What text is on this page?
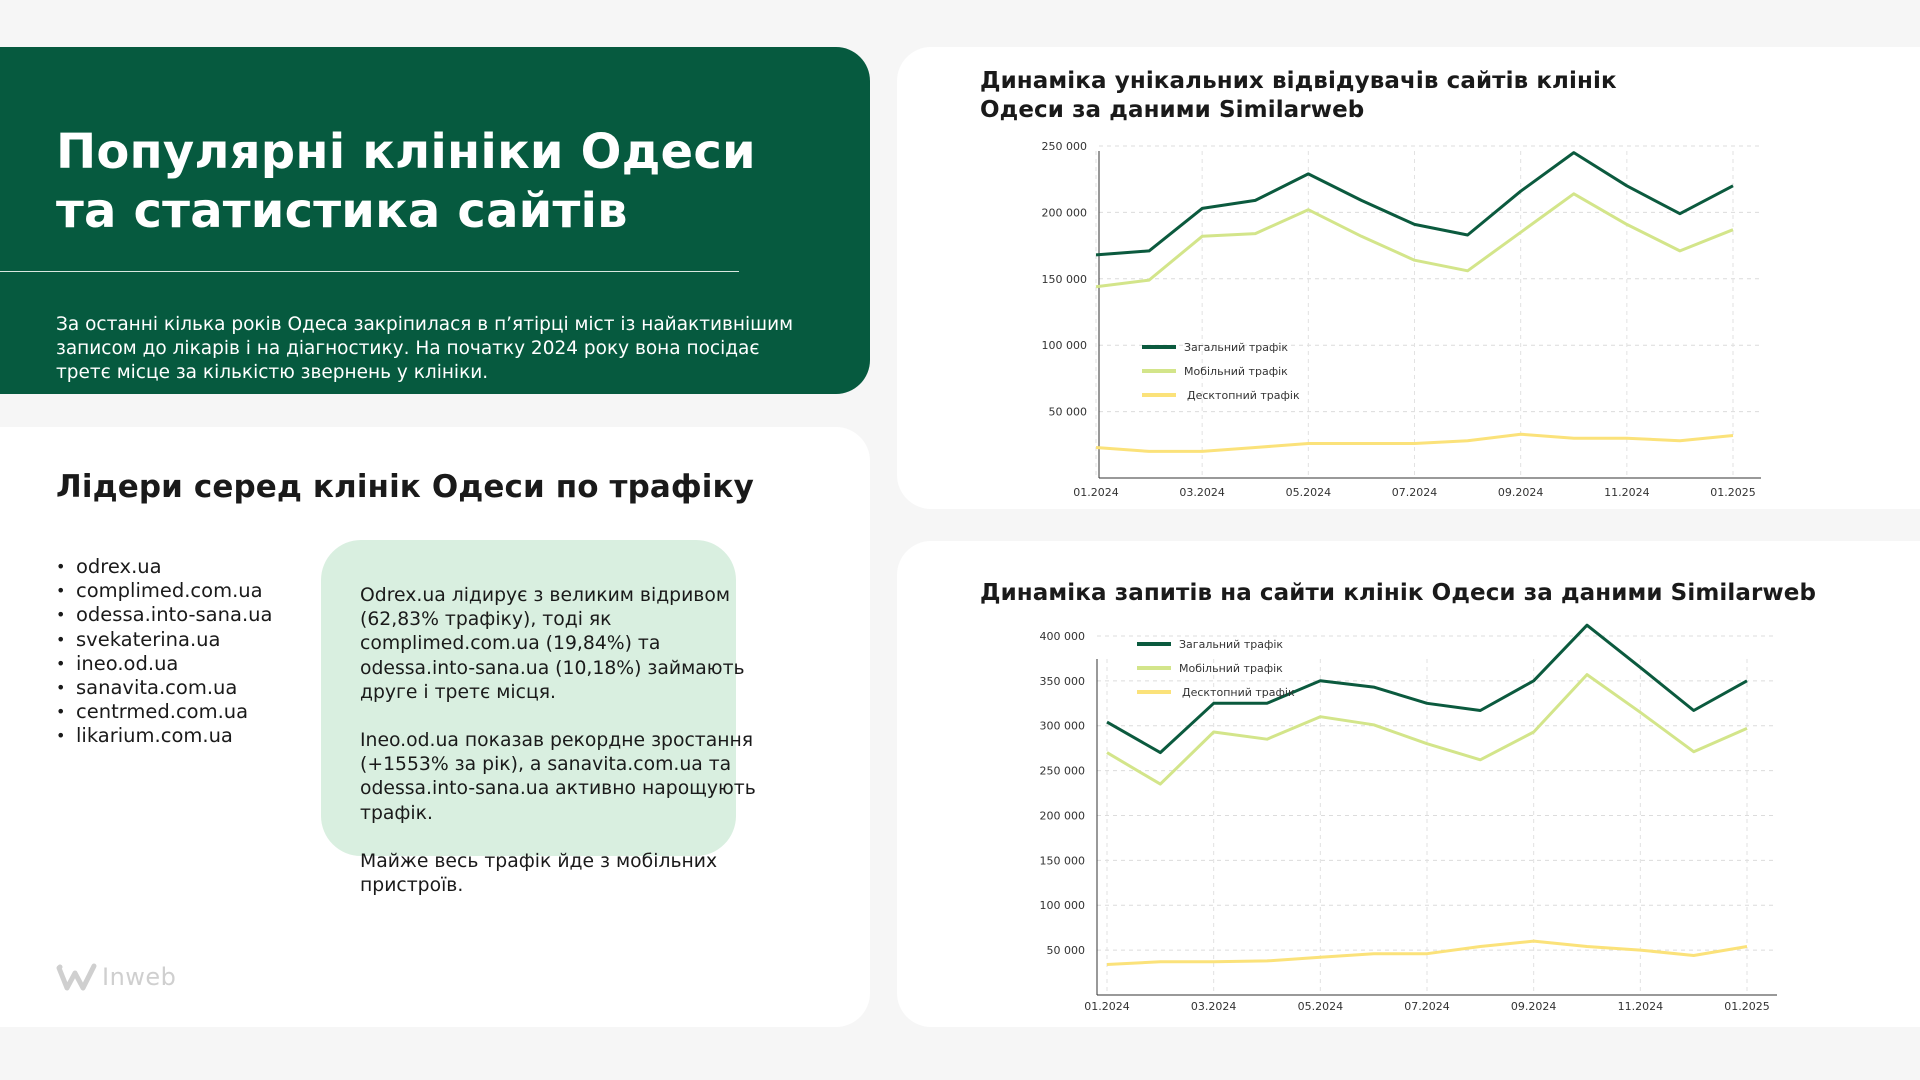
Популярні клініки Одеси
та статистика сайтів

За останні кілька років Одеса закріпилася в п’ятірці міст із найактивнішим записом до лікарів і на діагностику. На початку 2024 року вона посідає третє місце за кількістю звернень у клініки.

Лідери серед клінік Одеси по трафіку
• odrex.ua
• complimed.com.ua
• odessa.into-sana.ua
• svekaterina.ua
• ineo.od.ua
• sanavita.com.ua
• centrmed.com.ua
• likarium.com.ua

Odrex.ua лідирує з великим відривом (62,83% трафіку), тоді як complimed.com.ua (19,84%) та odessa.into-sana.ua (10,18%) займають друге і третє місця.

Ineo.od.ua показав рекордне зростання (+1553% за рік), а sanavita.com.ua та odessa.into-sana.ua активно нарощують трафік.

Майже весь трафік йде з мобільних пристроїв.

Inweb
Динаміка унікальних відвідувачів сайтів клінік Одеси за даними Similarweb
50 000
100 000
150 000
200 000
250 000
01.2024	03.2024	05.2024	07.2024	09.2024	11.2024	01.2025
Загальний трафік
Мобільний трафік
Десктопний трафік
Динаміка запитів на сайти клінік Одеси за даними Similarweb
50 000
100 000
150 000
200 000
250 000
300 000
350 000
400 000
01.2024	03.2024	05.2024	07.2024	09.2024	11.2024	01.2025
Загальний трафік
Мобільний трафік
Десктопний трафік
